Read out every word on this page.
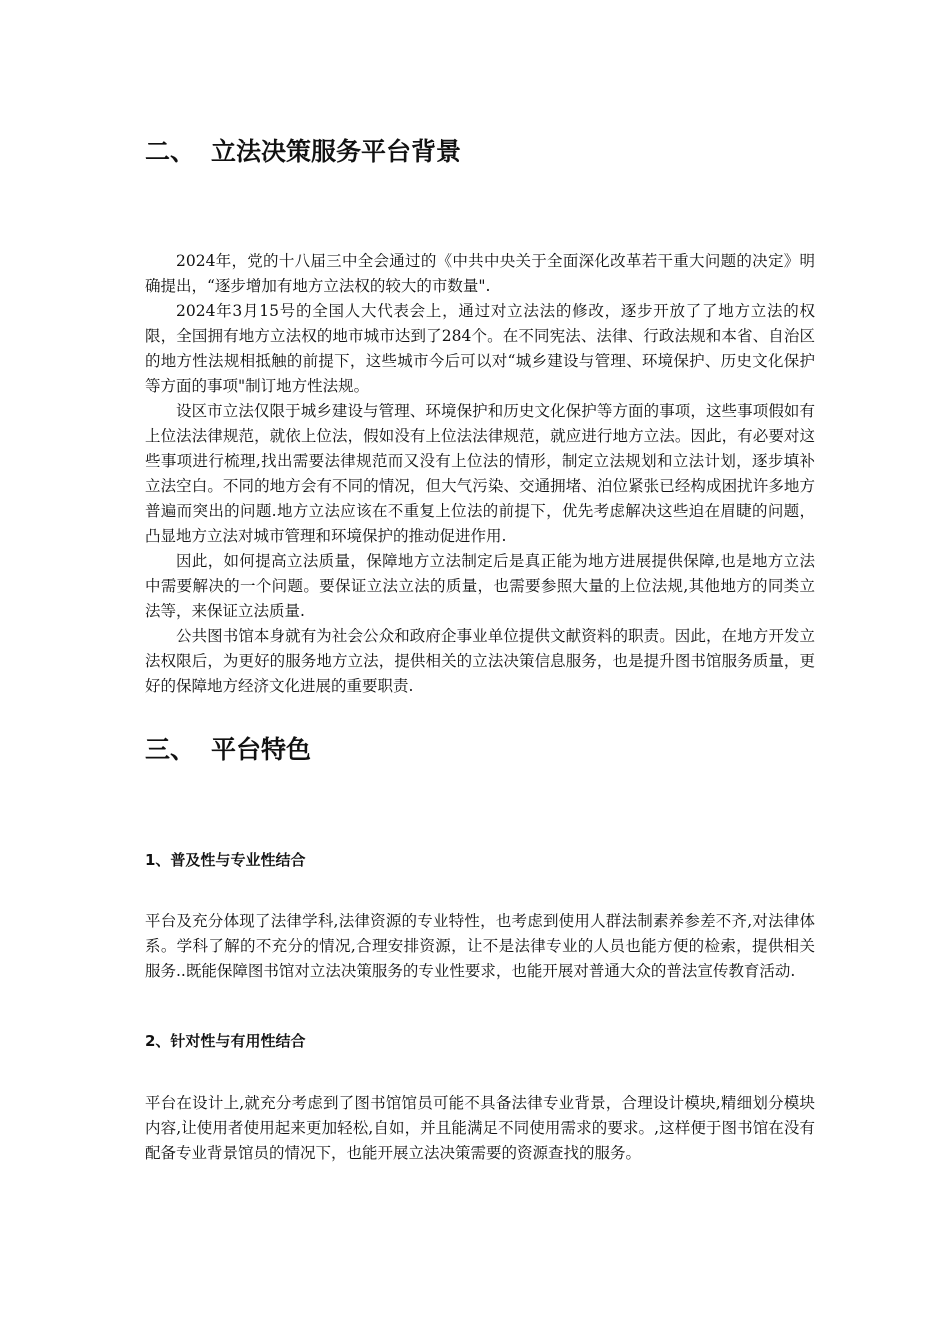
二、 立法决策服务平台背景

2024年，党的十八届三中全会通过的《中共中央关于全面深化改革若干重大问题的决定》明确提出，“逐步增加有地方立法权的较大的市数量".

2024年3月15号的全国人大代表会上，通过对立法法的修改，逐步开放了了地方立法的权限，全国拥有地方立法权的地市城市达到了284个。在不同宪法、法律、行政法规和本省、自治区的地方性法规相抵触的前提下，这些城市今后可以对“城乡建设与管理、环境保护、历史文化保护等方面的事项"制订地方性法规。

设区市立法仅限于城乡建设与管理、环境保护和历史文化保护等方面的事项，这些事项假如有上位法法律规范，就依上位法，假如没有上位法法律规范，就应进行地方立法。因此，有必要对这些事项进行梳理,找出需要法律规范而又没有上位法的情形，制定立法规划和立法计划，逐步填补立法空白。不同的地方会有不同的情况，但大气污染、交通拥堵、泊位紧张已经构成困扰许多地方普遍而突出的问题.地方立法应该在不重复上位法的前提下，优先考虑解决这些迫在眉睫的问题，凸显地方立法对城市管理和环境保护的推动促进作用.

因此，如何提高立法质量，保障地方立法制定后是真正能为地方进展提供保障,也是地方立法中需要解决的一个问题。要保证立法立法的质量，也需要参照大量的上位法规,其他地方的同类立法等，来保证立法质量.

公共图书馆本身就有为社会公众和政府企事业单位提供文献资料的职责。因此，在地方开发立法权限后，为更好的服务地方立法，提供相关的立法决策信息服务，也是提升图书馆服务质量，更好的保障地方经济文化进展的重要职责.

三、 平台特色
1、普及性与专业性结合

平台及充分体现了法律学科,法律资源的专业特性，也考虑到使用人群法制素养参差不齐,对法律体系。学科了解的不充分的情况,合理安排资源，让不是法律专业的人员也能方便的检索，提供相关服务..既能保障图书馆对立法决策服务的专业性要求，也能开展对普通大众的普法宣传教育活动.

2、针对性与有用性结合

平台在设计上,就充分考虑到了图书馆馆员可能不具备法律专业背景，合理设计模块,精细划分模块内容,让使用者使用起来更加轻松,自如，并且能满足不同使用需求的要求。,这样便于图书馆在没有配备专业背景馆员的情况下，也能开展立法决策需要的资源查找的服务。
